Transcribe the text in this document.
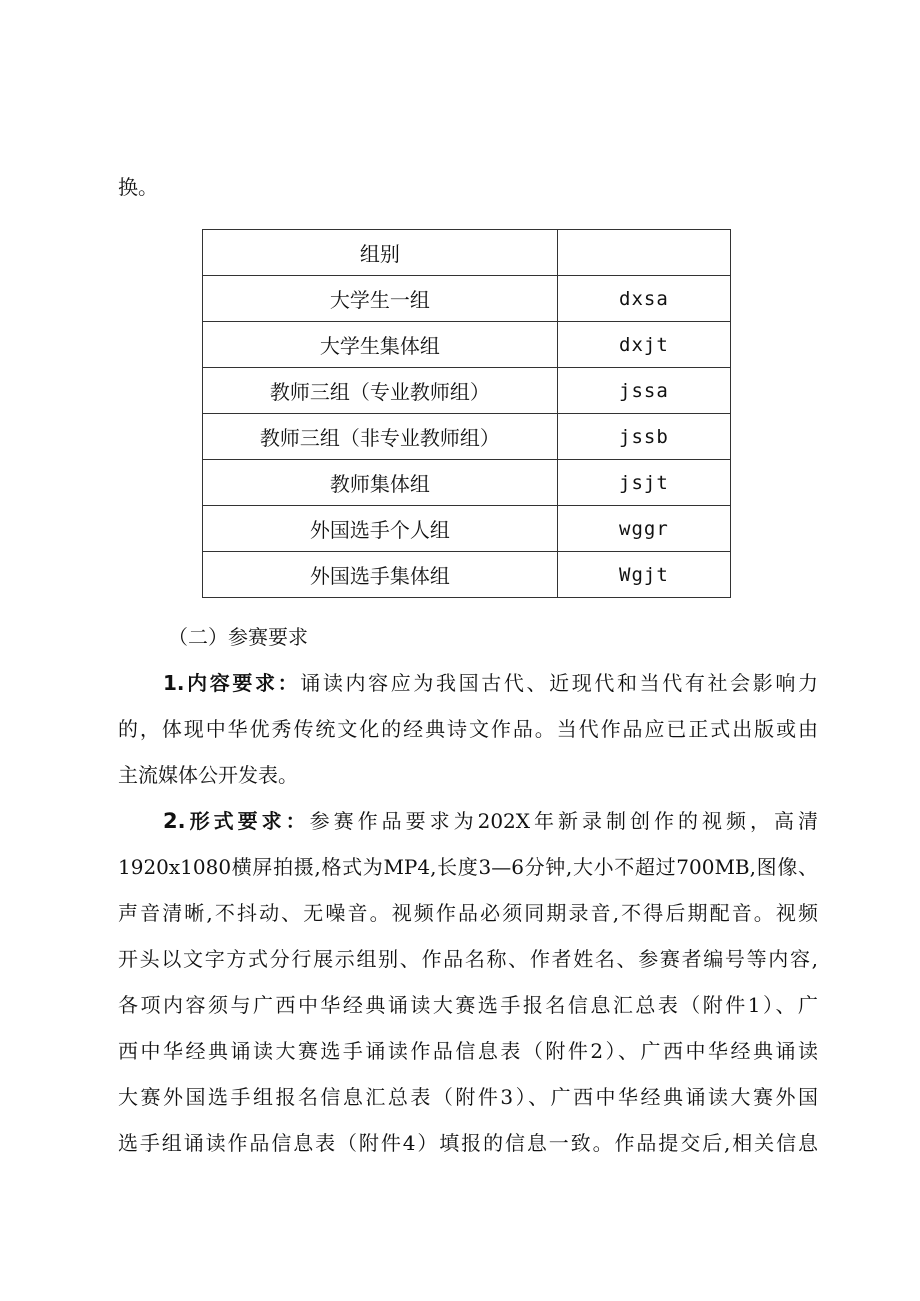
换。
组别	
大学生一组	dxsa
大学生集体组	dxjt
教师三组（专业教师组）	jssa
教师三组（非专业教师组）	jssb
教师集体组	jsjt
外国选手个人组	wggr
外国选手集体组	Wgjt
（二）参赛要求
1.内容要求：诵读内容应为我国古代、近现代和当代有社会影响力
的，体现中华优秀传统文化的经典诗文作品。当代作品应已正式出版或由
主流媒体公开发表。
2.形式要求：参赛作品要求为202X年新录制创作的视频，高清
1920x1080横屏拍摄,格式为MP4,长度3—6分钟,大小不超过700MB,图像、
声音清晰,不抖动、无噪音。视频作品必须同期录音,不得后期配音。视频
开头以文字方式分行展示组别、作品名称、作者姓名、参赛者编号等内容,
各项内容须与广西中华经典诵读大赛选手报名信息汇总表（附件1）、广
西中华经典诵读大赛选手诵读作品信息表（附件2）、广西中华经典诵读
大赛外国选手组报名信息汇总表（附件3）、广西中华经典诵读大赛外国
选手组诵读作品信息表（附件4）填报的信息一致。作品提交后,相关信息
